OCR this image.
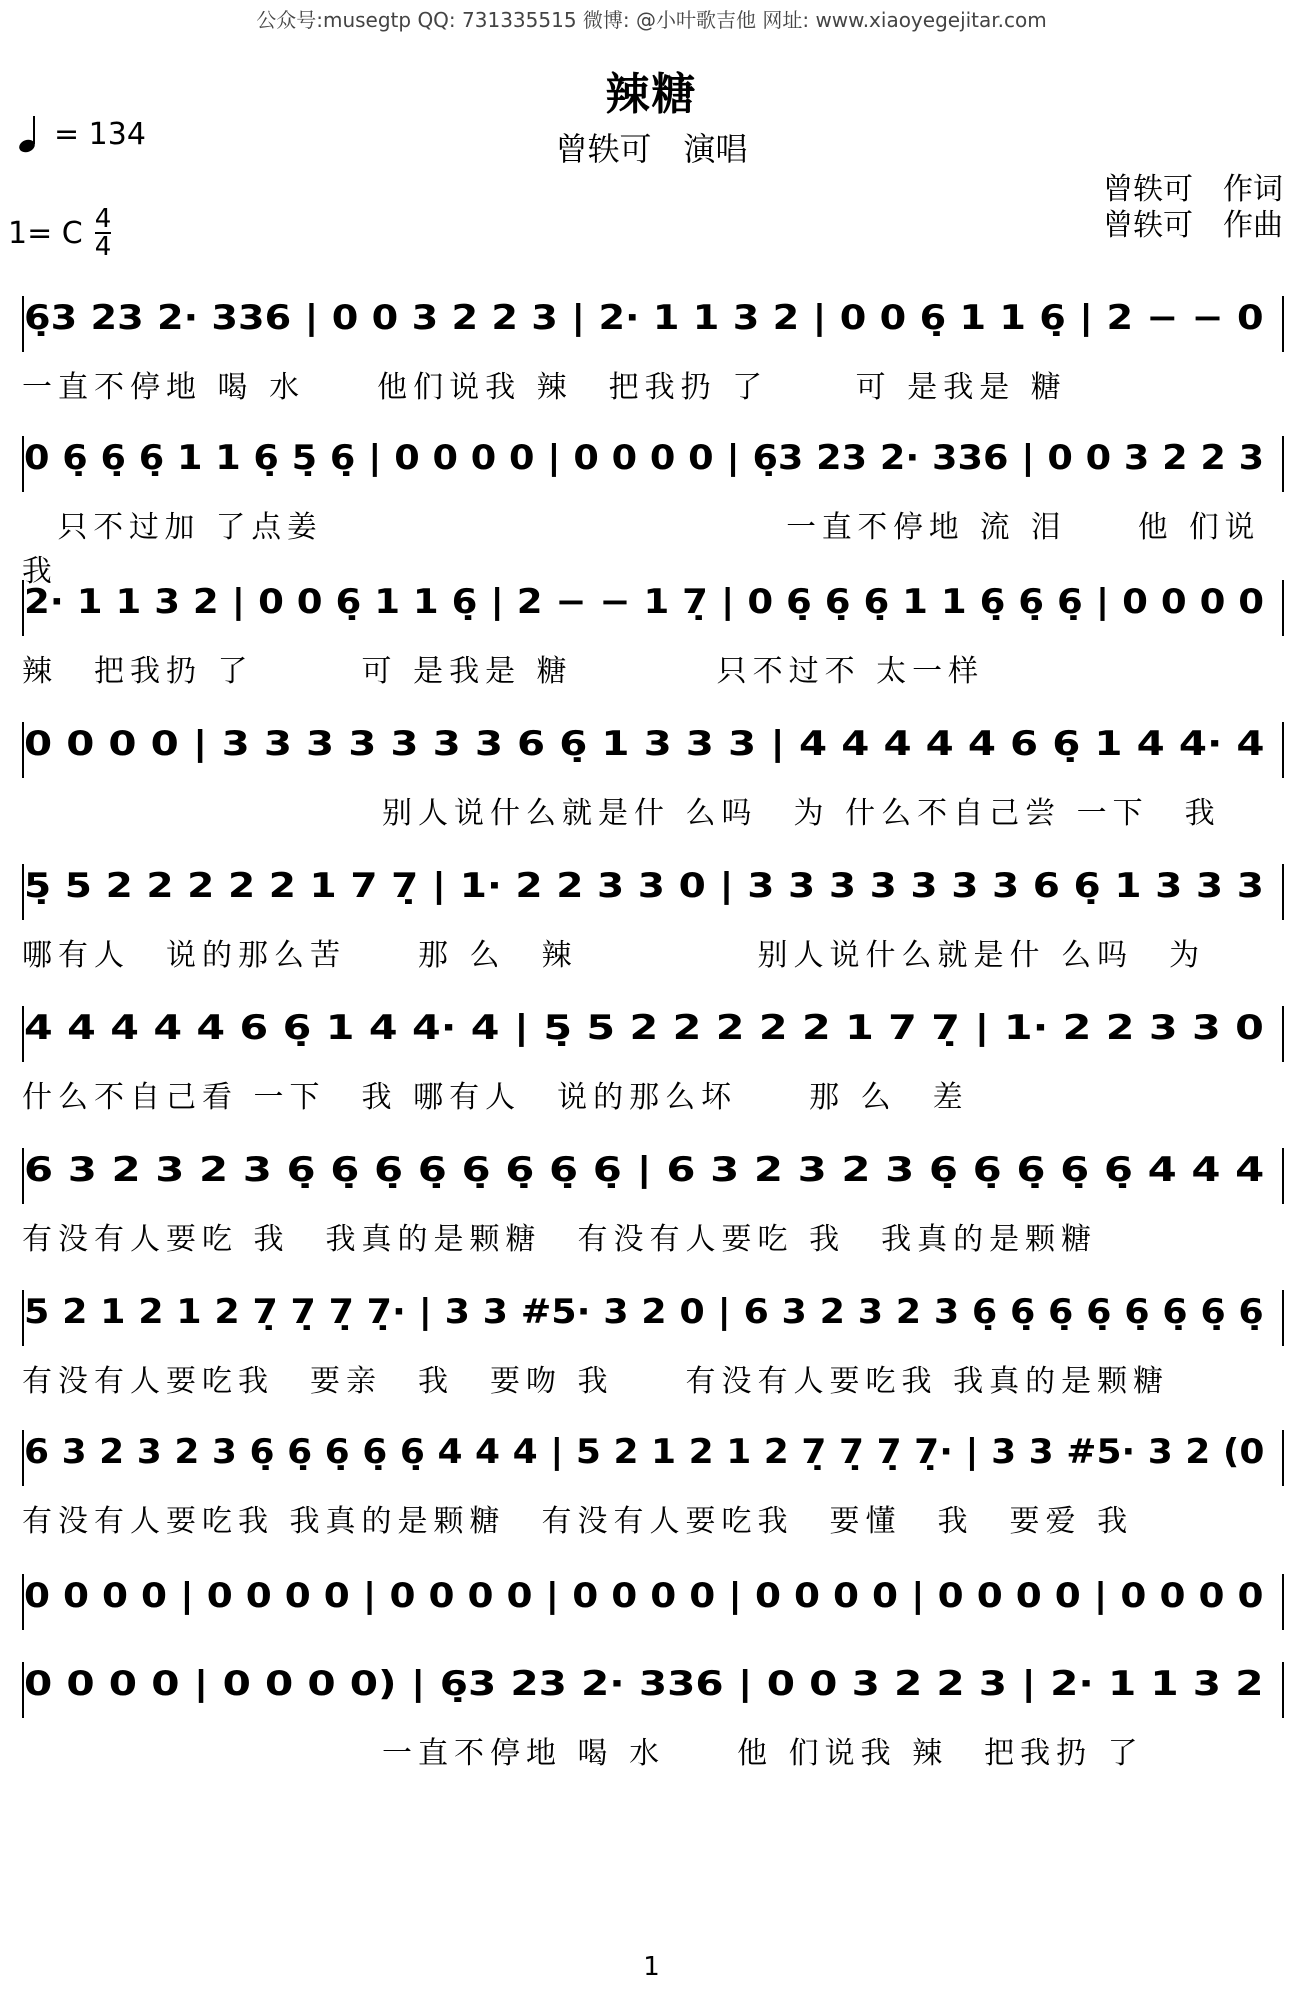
公众号:musegtp QQ: 731335515 微博: @小叶歌吉他 网址: www.xiaoyegejitar.com
辣糖
曾轶可　演唱
= 134
1= C 4
4
曾轶可　作词
曾轶可　作曲
6̣3 23 2· 336 | 0 0 3 2 2 3 | 2· 1 1 3 2 | 0 0 6̣ 1 1 6̣ | 2 − − 0
一直不停地 喝 水　　他们说我 辣　把我扔 了　　 可 是我是 糖
0 6̣ 6̣ 6̣ 1 1 6̣ 5̣ 6̣ | 0 0 0 0 | 0 0 0 0 | 6̣3 23 2· 336 | 0 0 3 2 2 3
　只不过加 了点姜　　　　　　　　　　　　　一直不停地 流 泪　　他 们说我
2· 1 1 3 2 | 0 0 6̣ 1 1 6̣ | 2 − − 1 7̣ | 0 6̣ 6̣ 6̣ 1 1 6̣ 6̣ 6̣ | 0 0 0 0
辣　把我扔 了　　　可 是我是 糖　　　　只不过不 太一样
0 0 0 0 | 3 3 3 3 3 3 3 6 6̣ 1 3 3 3 | 4 4 4 4 4 6 6̣ 1 4 4· 4
　　　　　　　　　　别人说什么就是什 么吗　为 什么不自己尝 一下　我
5̣ 5 2 2 2 2 2 1 7 7̣ | 1· 2 2 3 3 0 | 3 3 3 3 3 3 3 6 6̣ 1 3 3 3
哪有人　说的那么苦　　那 么　辣　　　　　别人说什么就是什 么吗　为
4 4 4 4 4 6 6̣ 1 4 4· 4 | 5̣ 5 2 2 2 2 2 1 7 7̣ | 1· 2 2 3 3 0
什么不自己看 一下　我 哪有人　说的那么坏　　那 么　差
6 3 2 3 2 3 6̣ 6̣ 6̣ 6̣ 6̣ 6̣ 6̣ 6̣ | 6 3 2 3 2 3 6̣ 6̣ 6̣ 6̣ 6̣ 4 4 4
有没有人要吃 我　我真的是颗糖　有没有人要吃 我　我真的是颗糖
5 2 1 2 1 2 7̣ 7̣ 7̣ 7̣· | 3 3 #5· 3 2 0 | 6 3 2 3 2 3 6̣ 6̣ 6̣ 6̣ 6̣ 6̣ 6̣ 6̣
有没有人要吃我　要亲　我　要吻 我　　有没有人要吃我 我真的是颗糖
6 3 2 3 2 3 6̣ 6̣ 6̣ 6̣ 6̣ 4 4 4 | 5 2 1 2 1 2 7̣ 7̣ 7̣ 7̣· | 3 3 #5· 3 2 (0
有没有人要吃我 我真的是颗糖　有没有人要吃我　要懂　我　要爱 我
0 0 0 0 | 0 0 0 0 | 0 0 0 0 | 0 0 0 0 | 0 0 0 0 | 0 0 0 0 | 0 0 0 0
0 0 0 0 | 0 0 0 0) | 6̣3 23 2· 336 | 0 0 3 2 2 3 | 2· 1 1 3 2
　　　　　　　　　　一直不停地 喝 水　　他 们说我 辣　把我扔 了
1
